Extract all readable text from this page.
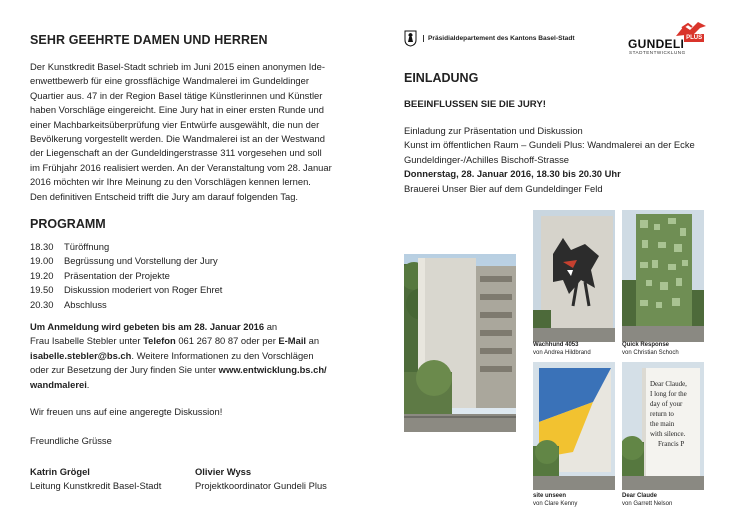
SEHR GEEHRTE DAMEN UND HERREN
Der Kunstkredit Basel-Stadt schrieb im Juni 2015 einen anonymen Ide-
enwettbewerb für eine grossflächige Wandmalerei im Gundeldinger
Quartier aus. 47 in der Region Basel tätige Künstlerinnen und Künstler
haben Vorschläge eingereicht. Eine Jury hat in einer ersten Runde und
einer Machbarkeitsüberprüfung vier Entwürfe ausgewählt, die nun der
Bevölkerung vorgestellt werden. Die Wandmalerei ist an der Westwand
der Liegenschaft an der Gundeldingerstrasse 311 vorgesehen und soll
im Frühjahr 2016 realisiert werden. An der Veranstaltung vom 28. Januar
2016 möchten wir Ihre Meinung zu den Vorschlägen kennen lernen.
Den definitiven Entscheid trifft die Jury am darauf folgenden Tag.
PROGRAMM
18.30	Türöffnung
19.00	Begrüssung und Vorstellung der Jury
19.20	Präsentation der Projekte
19.50	Diskussion moderiert von Roger Ehret
20.30	Abschluss
Um Anmeldung wird gebeten bis am 28. Januar 2016 an
Frau Isabelle Stebler unter Telefon 061 267 80 87 oder per E-Mail an
isabelle.stebler@bs.ch. Weitere Informationen zu den Vorschlägen
oder zur Besetzung der Jury finden Sie unter www.entwicklung.bs.ch/
wandmalerei.
Wir freuen uns auf eine angeregte Diskussion!
Freundliche Grüsse
Katrin Grögel
Leitung Kunstkredit Basel-Stadt
Olivier Wyss
Projektkoordinator Gundeli Plus
Präsidialdepartement des Kantons Basel-Stadt	GUNDELI $^{PLUS}$
STADTENTWICKLUNG
EINLADUNG
BEEINFLUSSEN SIE DIE JURY!
Einladung zur Präsentation und Diskussion
Kunst im öffentlichen Raum – Gundeli Plus: Wandmalerei an der Ecke
Gundeldinger-/Achilles Bischoff-Strasse
Donnerstag, 28. Januar 2016, 18.30 bis 20.30 Uhr
Brauerei Unser Bier auf dem Gundeldinger Feld
Wachhund 4053
von Andrea Hildbrand
Quick Response
von Christian Schoch
site unseen
von Clare Kenny
Dear Claude,
I long for the
day of your
return to
the main
with silence.
Francis P
Dear Claude
von Garrett Nelson
